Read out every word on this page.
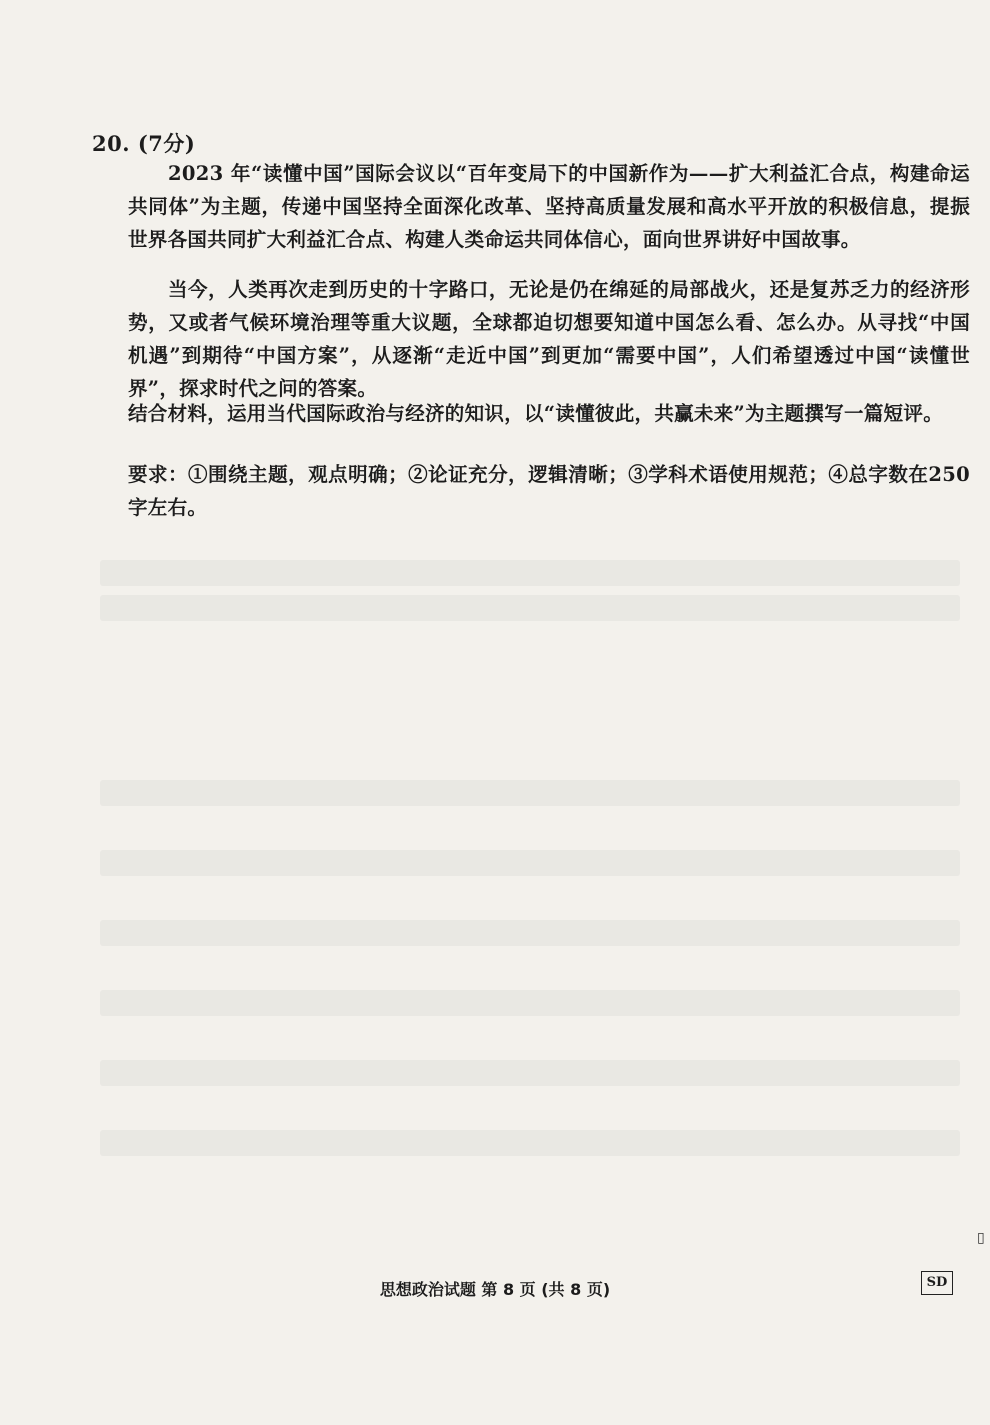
20. (7分)
2023 年“读懂中国”国际会议以“百年变局下的中国新作为——扩大利益汇合点，构建命运共同体”为主题，传递中国坚持全面深化改革、坚持高质量发展和高水平开放的积极信息，提振世界各国共同扩大利益汇合点、构建人类命运共同体信心，面向世界讲好中国故事。
当今，人类再次走到历史的十字路口，无论是仍在绵延的局部战火，还是复苏乏力的经济形势，又或者气候环境治理等重大议题，全球都迫切想要知道中国怎么看、怎么办。从寻找“中国机遇”到期待“中国方案”，从逐渐“走近中国”到更加“需要中国”，人们希望透过中国“读懂世界”，探求时代之问的答案。
结合材料，运用当代国际政治与经济的知识，以“读懂彼此，共赢未来”为主题撰写一篇短评。
要求：①围绕主题，观点明确；②论证充分，逻辑清晰；③学科术语使用规范；④总字数在250 字左右。
思想政治试题 第 8 页 (共 8 页)	SD
▯
